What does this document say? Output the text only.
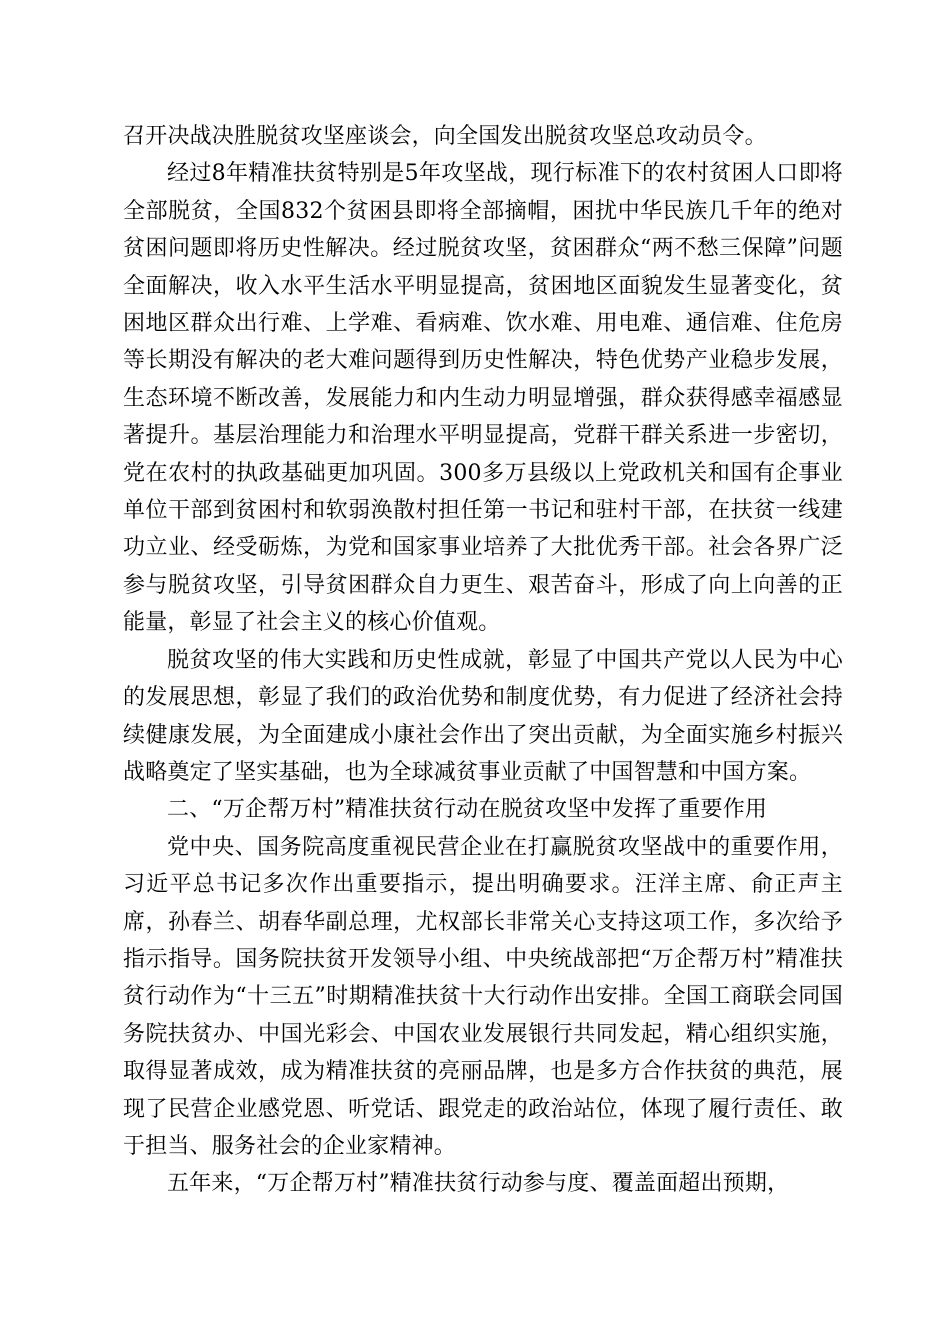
召开决战决胜脱贫攻坚座谈会，向全国发出脱贫攻坚总攻动员令。

经过8年精准扶贫特别是5年攻坚战，现行标准下的农村贫困人口即将全部脱贫，全国832个贫困县即将全部摘帽，困扰中华民族几千年的绝对贫困问题即将历史性解决。经过脱贫攻坚，贫困群众“两不愁三保障”问题全面解决，收入水平生活水平明显提高，贫困地区面貌发生显著变化，贫困地区群众出行难、上学难、看病难、饮水难、用电难、通信难、住危房等长期没有解决的老大难问题得到历史性解决，特色优势产业稳步发展，生态环境不断改善，发展能力和内生动力明显增强，群众获得感幸福感显著提升。基层治理能力和治理水平明显提高，党群干群关系进一步密切，党在农村的执政基础更加巩固。300多万县级以上党政机关和国有企事业单位干部到贫困村和软弱涣散村担任第一书记和驻村干部，在扶贫一线建功立业、经受砺炼，为党和国家事业培养了大批优秀干部。社会各界广泛参与脱贫攻坚，引导贫困群众自力更生、艰苦奋斗，形成了向上向善的正能量，彰显了社会主义的核心价值观。

脱贫攻坚的伟大实践和历史性成就，彰显了中国共产党以人民为中心的发展思想，彰显了我们的政治优势和制度优势，有力促进了经济社会持续健康发展，为全面建成小康社会作出了突出贡献，为全面实施乡村振兴战略奠定了坚实基础，也为全球减贫事业贡献了中国智慧和中国方案。

二、“万企帮万村”精准扶贫行动在脱贫攻坚中发挥了重要作用

党中央、国务院高度重视民营企业在打赢脱贫攻坚战中的重要作用，习近平总书记多次作出重要指示，提出明确要求。汪洋主席、俞正声主席，孙春兰、胡春华副总理，尤权部长非常关心支持这项工作，多次给予指示指导。国务院扶贫开发领导小组、中央统战部把“万企帮万村”精准扶贫行动作为“十三五”时期精准扶贫十大行动作出安排。全国工商联会同国务院扶贫办、中国光彩会、中国农业发展银行共同发起，精心组织实施，取得显著成效，成为精准扶贫的亮丽品牌，也是多方合作扶贫的典范，展现了民营企业感党恩、听党话、跟党走的政治站位，体现了履行责任、敢于担当、服务社会的企业家精神。

五年来，“万企帮万村”精准扶贫行动参与度、覆盖面超出预期，
